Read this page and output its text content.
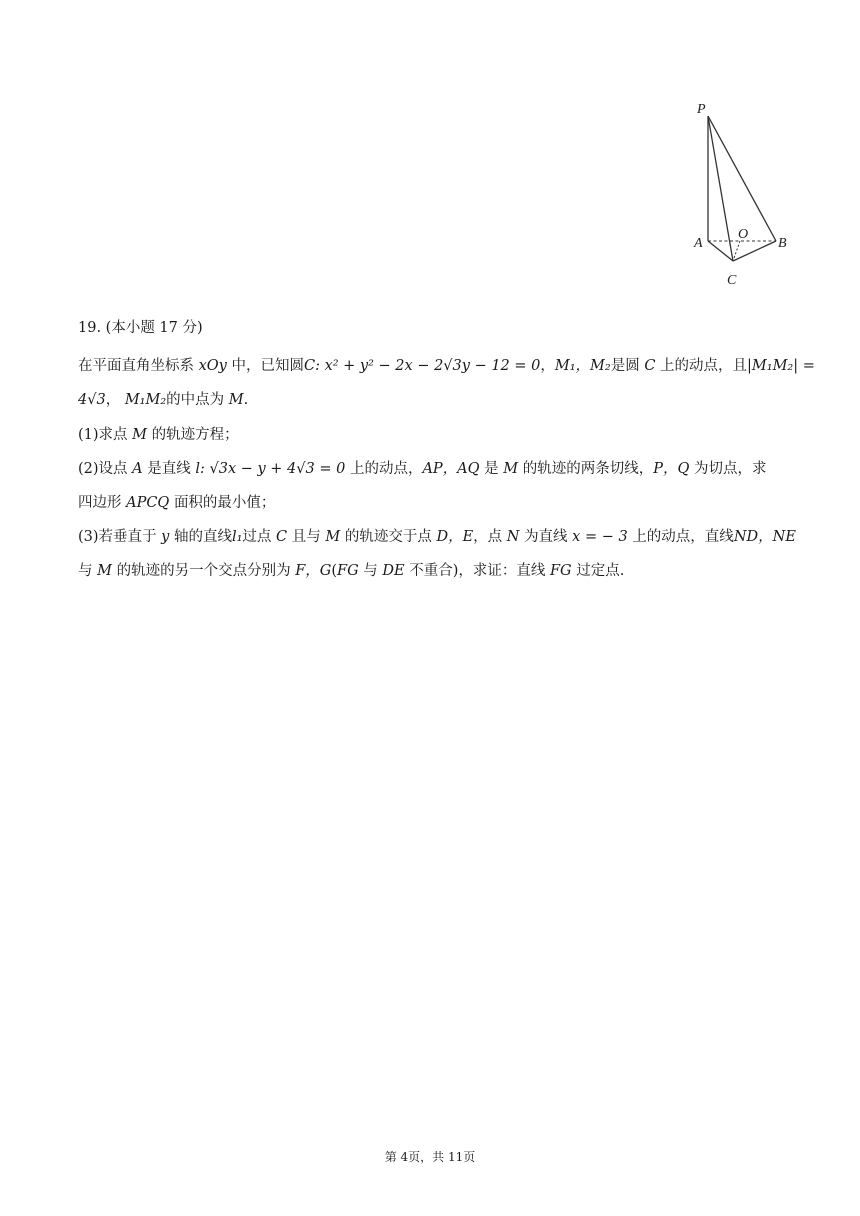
P
A
O
B
C
19. (本小题 17 分)
在平面直角坐标系 xOy 中，已知圆C: x² + y² − 2x − 2√3y − 12 = 0，M₁，M₂是圆 C 上的动点，且|M₁M₂| =
4√3， M₁M₂的中点为 M.
(1)求点 M 的轨迹方程；
(2)设点 A 是直线 l: √3x − y + 4√3 = 0 上的动点，AP，AQ 是 M 的轨迹的两条切线，P，Q 为切点，求
四边形 APCQ 面积的最小值；
(3)若垂直于 y 轴的直线l₁过点 C 且与 M 的轨迹交于点 D，E，点 N 为直线 x = − 3 上的动点，直线ND，NE
与 M 的轨迹的另一个交点分别为 F，G(FG 与 DE 不重合)，求证：直线 FG 过定点.
第 4页，共 11页
